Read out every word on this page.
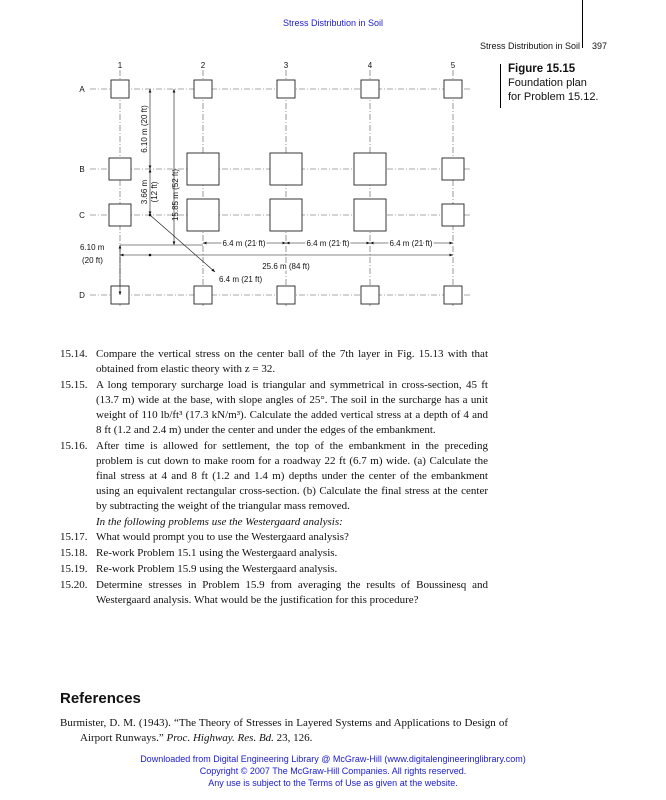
Stress Distribution in Soil
Stress Distribution in Soil 397
Figure 15.15
Foundation plan
for Problem 15.12.
1	2	3	4	5
A
B
C
D
6.10 m (20 ft)
3.66 m (12 ft) 15.85 m (52 ft)
6.10 m
(20 ft)
6.4 m (21 ft)	6.4 m (21 ft)	6.4 m (21 ft)
25.6 m (84 ft)
6.4 m (21 ft)
15.14. Compare the vertical stress on the center ball of the 7th layer in Fig. 15.13 with that obtained from elastic theory with z = 32.
15.15. A long temporary surcharge load is triangular and symmetrical in cross-section, 45 ft (13.7 m) wide at the base, with slope angles of 25°. The soil in the surcharge has a unit weight of 110 lb/ft³ (17.3 kN/m³). Calculate the added vertical stress at a depth of 4 and 8 ft (1.2 and 2.4 m) under the center and under the edges of the embankment.
15.16. After time is allowed for settlement, the top of the embankment in the preceding problem is cut down to make room for a roadway 22 ft (6.7 m) wide. (a) Calculate the final stress at 4 and 8 ft (1.2 and 1.4 m) depths under the center of the embankment using an equivalent rectangular cross-section. (b) Calculate the final stress at the center by subtracting the weight of the triangular mass removed.
In the following problems use the Westergaard analysis:
15.17. What would prompt you to use the Westergaard analysis?
15.18. Re-work Problem 15.1 using the Westergaard analysis.
15.19. Re-work Problem 15.9 using the Westergaard analysis.
15.20. Determine stresses in Problem 15.9 from averaging the results of Boussinesq and Westergaard analysis. What would be the justification for this procedure?
References
Burmister, D. M. (1943). “The Theory of Stresses in Layered Systems and Applications to Design of Airport Runways.” Proc. Highway. Res. Bd. 23, 126.
Downloaded from Digital Engineering Library @ McGraw-Hill (www.digitalengineeringlibrary.com)
Copyright © 2007 The McGraw-Hill Companies. All rights reserved.
Any use is subject to the Terms of Use as given at the website.
